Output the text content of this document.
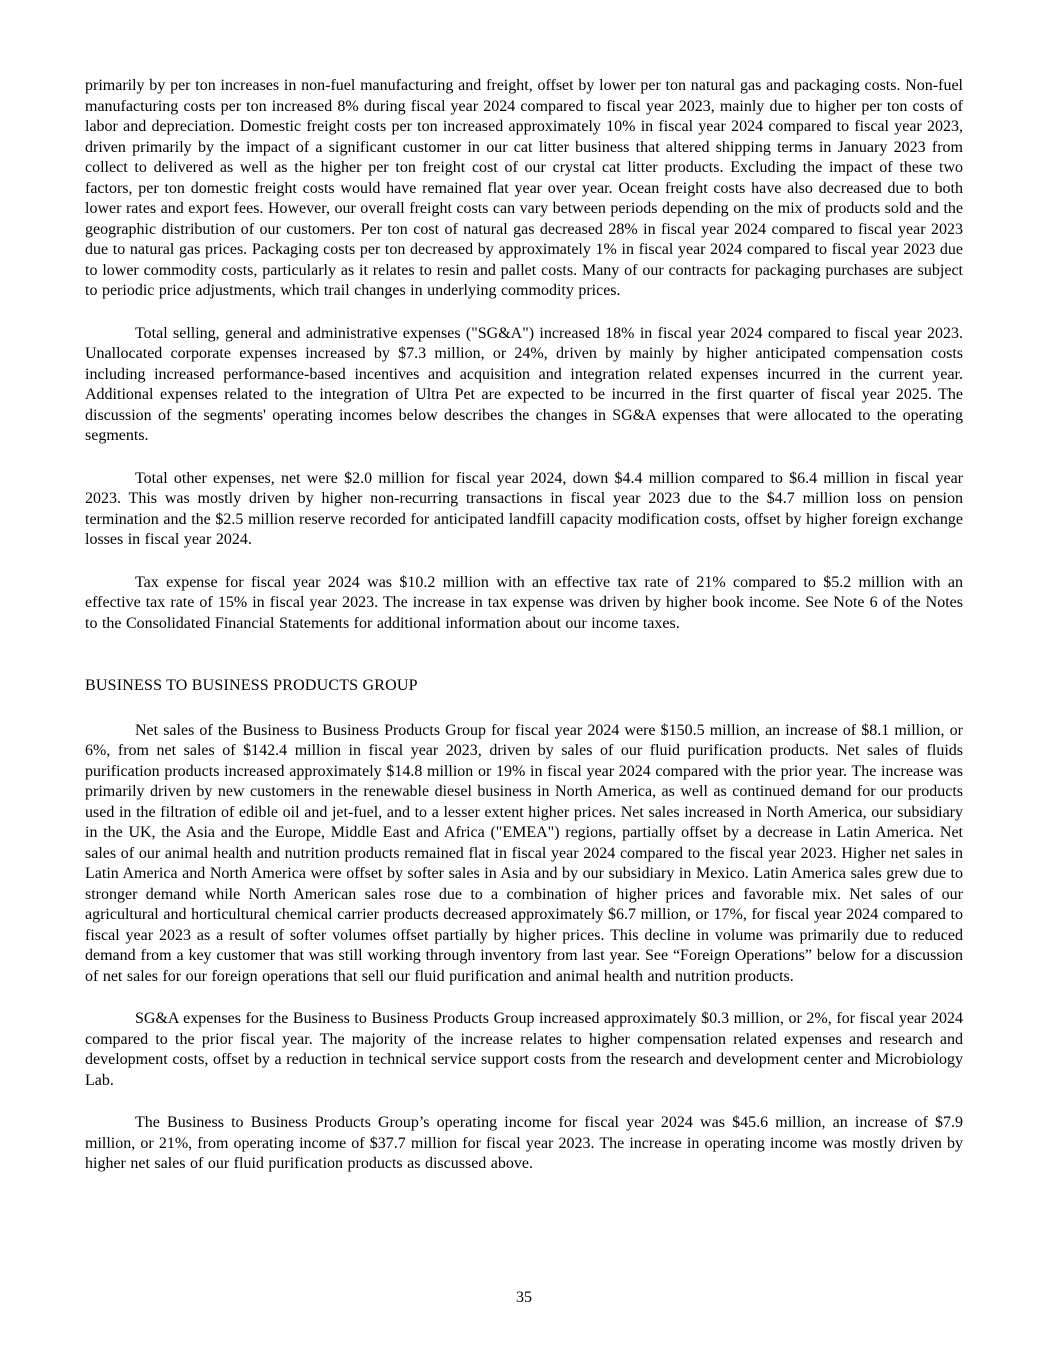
primarily by per ton increases in non-fuel manufacturing and freight, offset by lower per ton natural gas and packaging costs. Non-fuel manufacturing costs per ton increased 8% during fiscal year 2024 compared to fiscal year 2023, mainly due to higher per ton costs of labor and depreciation. Domestic freight costs per ton increased approximately 10% in fiscal year 2024 compared to fiscal year 2023, driven primarily by the impact of a significant customer in our cat litter business that altered shipping terms in January 2023 from collect to delivered as well as the higher per ton freight cost of our crystal cat litter products. Excluding the impact of these two factors, per ton domestic freight costs would have remained flat year over year. Ocean freight costs have also decreased due to both lower rates and export fees. However, our overall freight costs can vary between periods depending on the mix of products sold and the geographic distribution of our customers. Per ton cost of natural gas decreased 28% in fiscal year 2024 compared to fiscal year 2023 due to natural gas prices. Packaging costs per ton decreased by approximately 1% in fiscal year 2024 compared to fiscal year 2023 due to lower commodity costs, particularly as it relates to resin and pallet costs. Many of our contracts for packaging purchases are subject to periodic price adjustments, which trail changes in underlying commodity prices.

Total selling, general and administrative expenses ("SG&A") increased 18% in fiscal year 2024 compared to fiscal year 2023. Unallocated corporate expenses increased by $7.3 million, or 24%, driven by mainly by higher anticipated compensation costs including increased performance-based incentives and acquisition and integration related expenses incurred in the current year. Additional expenses related to the integration of Ultra Pet are expected to be incurred in the first quarter of fiscal year 2025. The discussion of the segments' operating incomes below describes the changes in SG&A expenses that were allocated to the operating segments.

Total other expenses, net were $2.0 million for fiscal year 2024, down $4.4 million compared to $6.4 million in fiscal year 2023. This was mostly driven by higher non-recurring transactions in fiscal year 2023 due to the $4.7 million loss on pension termination and the $2.5 million reserve recorded for anticipated landfill capacity modification costs, offset by higher foreign exchange losses in fiscal year 2024.

Tax expense for fiscal year 2024 was $10.2 million with an effective tax rate of 21% compared to $5.2 million with an effective tax rate of 15% in fiscal year 2023. The increase in tax expense was driven by higher book income. See Note 6 of the Notes to the Consolidated Financial Statements for additional information about our income taxes.

BUSINESS TO BUSINESS PRODUCTS GROUP

Net sales of the Business to Business Products Group for fiscal year 2024 were $150.5 million, an increase of $8.1 million, or 6%, from net sales of $142.4 million in fiscal year 2023, driven by sales of our fluid purification products. Net sales of fluids purification products increased approximately $14.8 million or 19% in fiscal year 2024 compared with the prior year. The increase was primarily driven by new customers in the renewable diesel business in North America, as well as continued demand for our products used in the filtration of edible oil and jet-fuel, and to a lesser extent higher prices. Net sales increased in North America, our subsidiary in the UK, the Asia and the Europe, Middle East and Africa ("EMEA") regions, partially offset by a decrease in Latin America. Net sales of our animal health and nutrition products remained flat in fiscal year 2024 compared to the fiscal year 2023. Higher net sales in Latin America and North America were offset by softer sales in Asia and by our subsidiary in Mexico. Latin America sales grew due to stronger demand while North American sales rose due to a combination of higher prices and favorable mix. Net sales of our agricultural and horticultural chemical carrier products decreased approximately $6.7 million, or 17%, for fiscal year 2024 compared to fiscal year 2023 as a result of softer volumes offset partially by higher prices. This decline in volume was primarily due to reduced demand from a key customer that was still working through inventory from last year. See “Foreign Operations” below for a discussion of net sales for our foreign operations that sell our fluid purification and animal health and nutrition products.

SG&A expenses for the Business to Business Products Group increased approximately $0.3 million, or 2%, for fiscal year 2024 compared to the prior fiscal year. The majority of the increase relates to higher compensation related expenses and research and development costs, offset by a reduction in technical service support costs from the research and development center and Microbiology Lab.

The Business to Business Products Group’s operating income for fiscal year 2024 was $45.6 million, an increase of $7.9 million, or 21%, from operating income of $37.7 million for fiscal year 2023. The increase in operating income was mostly driven by higher net sales of our fluid purification products as discussed above.

35
